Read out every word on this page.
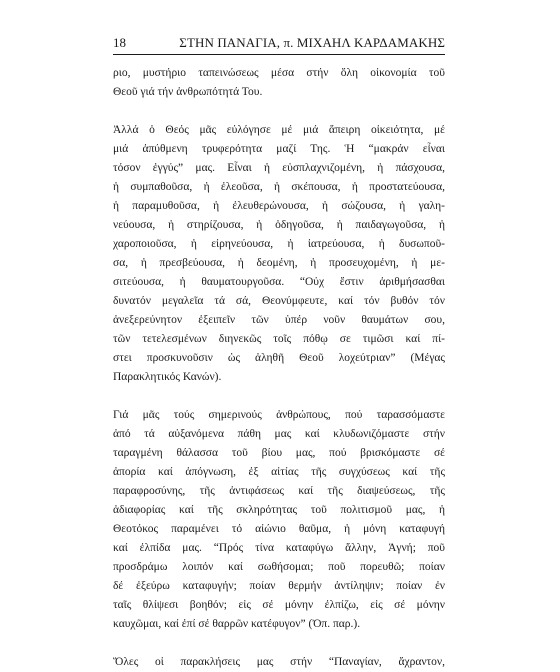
18	ΣΤΗΝ ΠΑΝΑΓΙΑ, π. ΜΙΧΑΗΛ ΚΑΡΔΑΜΑΚΗΣ

ριο, μυστήριο ταπεινώσεως μέσα στήν ὅλη οἰκονομία τοῦ
Θεοῦ γιά τήν ἀνθρωπότητά Του.

Ἀλλά ὁ Θεός μᾶς εὐλόγησε μέ μιά ἄπειρη οἰκειότητα, μέ
μιά ἀπύθμενη τρυφερότητα μαζί Της. Ἡ “μακράν εἶναι
τόσον ἐγγύς” μας. Εἶναι ἡ εὐσπλαχνιζομένη, ἡ πάσχουσα,
ἡ συμπαθοῦσα, ἡ ἐλεοῦσα, ἡ σκέπουσα, ἡ προστατεύουσα,
ἡ παραμυθοῦσα, ἡ ἐλευθερώνουσα, ἡ σώζουσα, ἡ γαλη-
νεύουσα, ἡ στηρίζουσα, ἡ ὁδηγοῦσα, ἡ παιδαγωγοῦσα, ἡ
χαροποιοῦσα, ἡ εἰρηνεύουσα, ἡ ἰατρεύουσα, ἡ δυσωποῦ-
σα, ἡ πρεσβεύουσα, ἡ δεομένη, ἡ προσευχομένη, ἡ με-
σιτεύουσα, ἡ θαυματουργοῦσα. “Οὐχ ἔστιν ἀριθμήσασθαι
δυνατόν μεγαλεῖα τά σά, Θεονύμφευτε, καί τόν βυθόν τόν
ἀνεξερεύνητον ἐξειπεῖν τῶν ὑπέρ νοῦν θαυμάτων σου,
τῶν τετελεσμένων διηνεκῶς τοῖς πόθῳ σε τιμῶσι καί πί-
στει προσκυνοῦσιν ὡς ἀληθῆ Θεοῦ λοχεύτριαν” (Μέγας
Παρακλητικός Κανών).

Γιά μᾶς τούς σημερινούς ἀνθρώπους, πού ταρασσόμαστε
ἀπό τά αὐξανόμενα πάθη μας καί κλυδωνιζόμαστε στήν
ταραγμένη θάλασσα τοῦ βίου μας, πού βρισκόμαστε σέ
ἀπορία καί ἀπόγνωση, ἐξ αἰτίας τῆς συγχύσεως καί τῆς
παραφροσύνης, τῆς ἀντιφάσεως καί τῆς διαψεύσεως, τῆς
ἀδιαφορίας καί τῆς σκληρότητας τοῦ πολιτισμοῦ μας, ἡ
Θεοτόκος παραμένει τό αἰώνιο θαῦμα, ἡ μόνη καταφυγή
καί ἐλπίδα μας. “Πρός τίνα καταφύγω ἄλλην, Ἁγνή; ποῦ
προσδράμω λοιπόν καί σωθήσομαι; ποῦ πορευθῶ; ποίαν
δέ ἐξεύρω καταφυγήν; ποίαν θερμήν ἀντίληψιν; ποίαν ἐν
ταῖς θλίψεσι βοηθόν; εἰς σέ μόνην ἐλπίζω, εἰς σέ μόνην
καυχῶμαι, καί ἐπί σέ θαρρῶν κατέφυγον” (Ὀπ. παρ.).

Ὅλες οἱ παρακλήσεις μας στήν “Παναγίαν, ἄχραντον,
